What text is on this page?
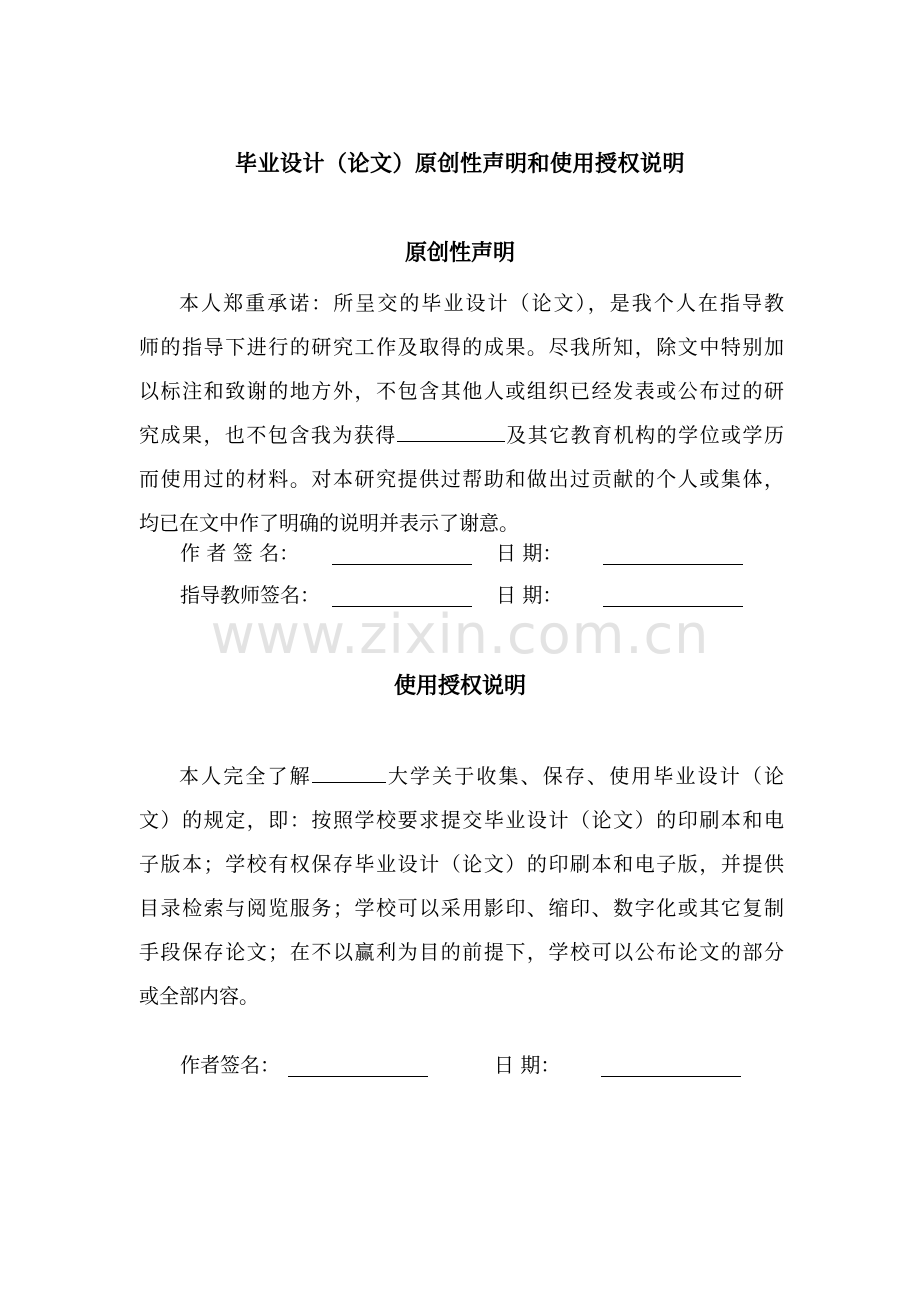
毕业设计（论文）原创性声明和使用授权说明
原创性声明
本人郑重承诺：所呈交的毕业设计（论文），是我个人在指导教
师的指导下进行的研究工作及取得的成果。尽我所知，除文中特别加
以标注和致谢的地方外，不包含其他人或组织已经发表或公布过的研
究成果，也不包含我为获得	及其它教育机构的学位或学历
而使用过的材料。对本研究提供过帮助和做出过贡献的个人或集体，
均已在文中作了明确的说明并表示了谢意。
作 者 签 名：	日 期：
指导教师签名：	日 期：
www.zixin.com.cn
使用授权说明
本人完全了解	大学关于收集、保存、使用毕业设计（论
文）的规定，即：按照学校要求提交毕业设计（论文）的印刷本和电
子版本；学校有权保存毕业设计（论文）的印刷本和电子版，并提供
目录检索与阅览服务；学校可以采用影印、缩印、数字化或其它复制
手段保存论文；在不以赢利为目的前提下，学校可以公布论文的部分
或全部内容。
作者签名：	日 期：
